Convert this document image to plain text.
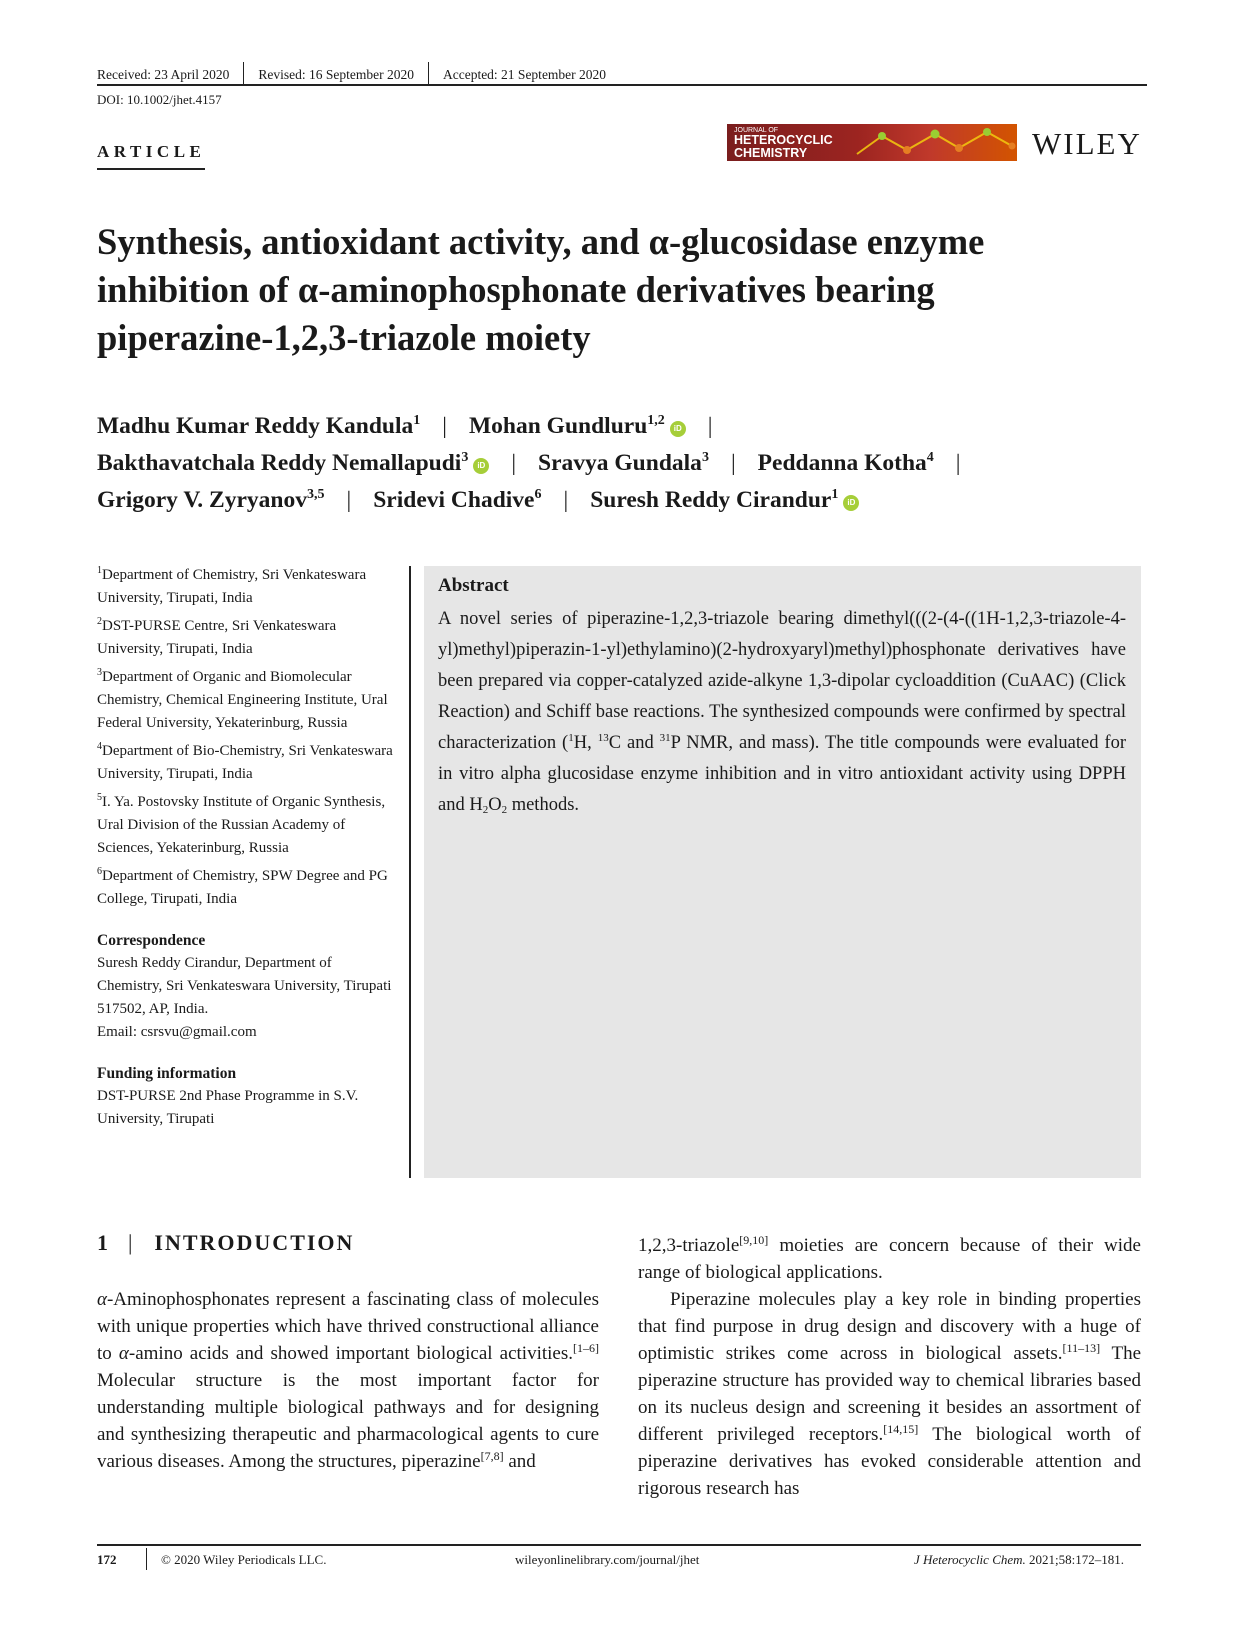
Received: 23 April 2020 Revised: 16 September 2020 Accepted: 21 September 2020
DOI: 10.1002/jhet.4157
ARTICLE
JOURNAL OF
HETEROCYCLIC
CHEMISTRY	WILEY
Synthesis, antioxidant activity, and α-glucosidase enzyme
inhibition of α-aminophosphonate derivatives bearing
piperazine-1,2,3-triazole moiety
Madhu Kumar Reddy Kandula$^1$ | Mohan Gundluru$^{1,2}$iD |
Bakthavatchala Reddy Nemallapudi$^3$iD | Sravya Gundala$^3$ | Peddanna Kotha$^4$ |
Grigory V. Zyryanov$^{3,5}$ | Sridevi Chadive$^6$ | Suresh Reddy Cirandur$^1$iD

$^1$Department of Chemistry, Sri Venkateswara University, Tirupati, India

$^2$DST-PURSE Centre, Sri Venkateswara University, Tirupati, India

$^3$Department of Organic and Biomolecular Chemistry, Chemical Engineering Institute, Ural Federal University, Yekaterinburg, Russia

$^4$Department of Bio-Chemistry, Sri Venkateswara University, Tirupati, India

$^5$I. Ya. Postovsky Institute of Organic Synthesis, Ural Division of the Russian Academy of Sciences, Yekaterinburg, Russia

$^6$Department of Chemistry, SPW Degree and PG College, Tirupati, India

Correspondence

Suresh Reddy Cirandur, Department of Chemistry, Sri Venkateswara University, Tirupati 517502, AP, India.
Email: csrsvu@gmail.com

Funding information

DST-PURSE 2nd Phase Programme in S.V. University, Tirupati

Abstract
A novel series of piperazine-1,2,3-triazole bearing dimethyl(((2-(4-((1H-1,2,3-triazole-4-yl)methyl)piperazin-1-yl)ethylamino)(2-hydroxyaryl)methyl)phosphonate derivatives have been prepared via copper-catalyzed azide-alkyne 1,3-dipolar cycloaddition (CuAAC) (Click Reaction) and Schiff base reactions. The synthesized compounds were confirmed by spectral characterization ($^1$H, $^{13}$C and $^{31}$P NMR, and mass). The title compounds were evaluated for in vitro alpha glucosidase enzyme inhibition and in vitro antioxidant activity using DPPH and $H_2O_2$ methods.
1 | INTRODUCTION

α-Aminophosphonates represent a fascinating class of molecules with unique properties which have thrived constructional alliance to α-amino acids and showed important biological activities.[1–6] Molecular structure is the most important factor for understanding multiple biological pathways and for designing and synthesizing therapeutic and pharmacological agents to cure various diseases. Among the structures, piperazine[7,8] and

1,2,3-triazole[9,10] moieties are concern because of their wide range of biological applications.

Piperazine molecules play a key role in binding properties that find purpose in drug design and discovery with a huge of optimistic strikes come across in biological assets.[11–13] The piperazine structure has provided way to chemical libraries based on its nucleus design and screening it besides an assortment of different privileged receptors.[14,15] The biological worth of piperazine derivatives has evoked considerable attention and rigorous research has

172	© 2020 Wiley Periodicals LLC.	wileyonlinelibrary.com/journal/jhet	J Heterocyclic Chem. 2021;58:172–181.
